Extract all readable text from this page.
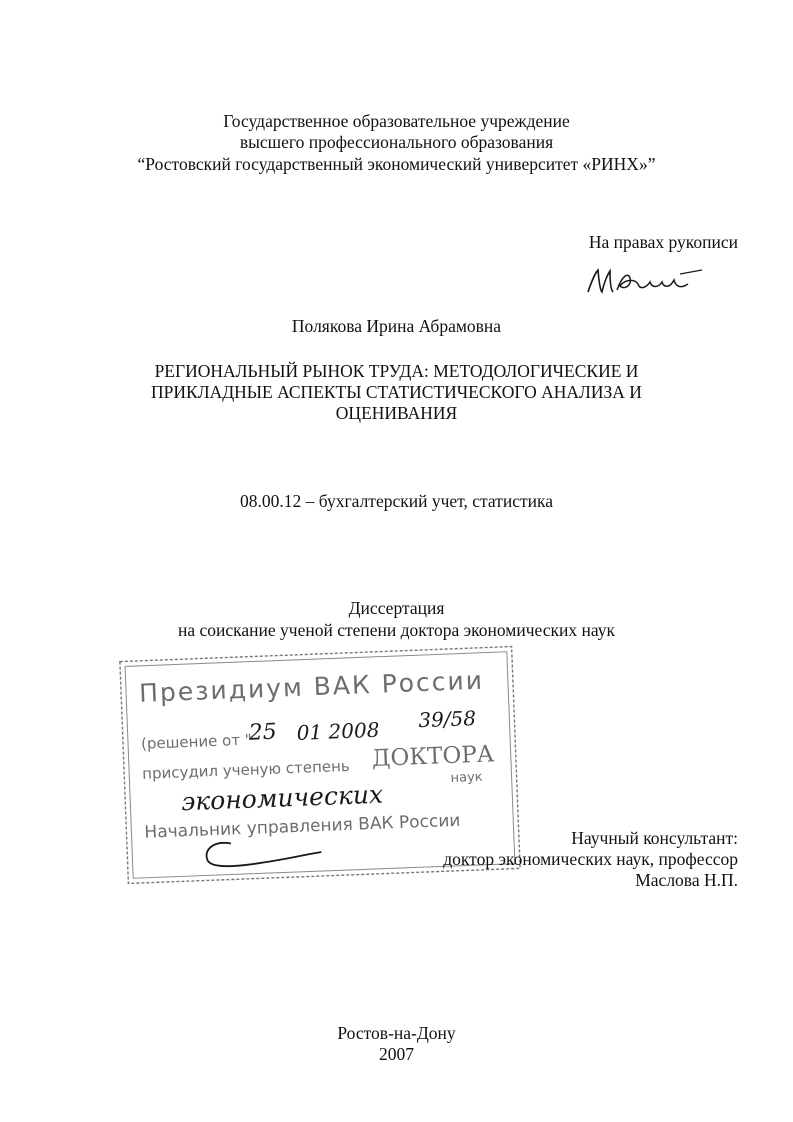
Государственное образовательное учреждение
высшего профессионального образования
“Ростовский государственный экономический университет «РИНХ»”
На правах рукописи
Полякова Ирина Абрамовна
РЕГИОНАЛЬНЫЙ РЫНОК ТРУДА: МЕТОДОЛОГИЧЕСКИЕ И
ПРИКЛАДНЫЕ АСПЕКТЫ СТАТИСТИЧЕСКОГО АНАЛИЗА И
ОЦЕНИВАНИЯ
08.00.12 – бухгалтерский учет, статистика
Диссертация
на соискание ученой степени доктора экономических наук
Президиум ВАК России
(решение от "
25 01 2008 39/58
присудил ученую степень ДОКТОРА
экономических
наук
Начальник управления ВАК России	Научный консультант:
доктор экономических наук, профессор
Маслова Н.П.
Ростов-на-Дону
2007
